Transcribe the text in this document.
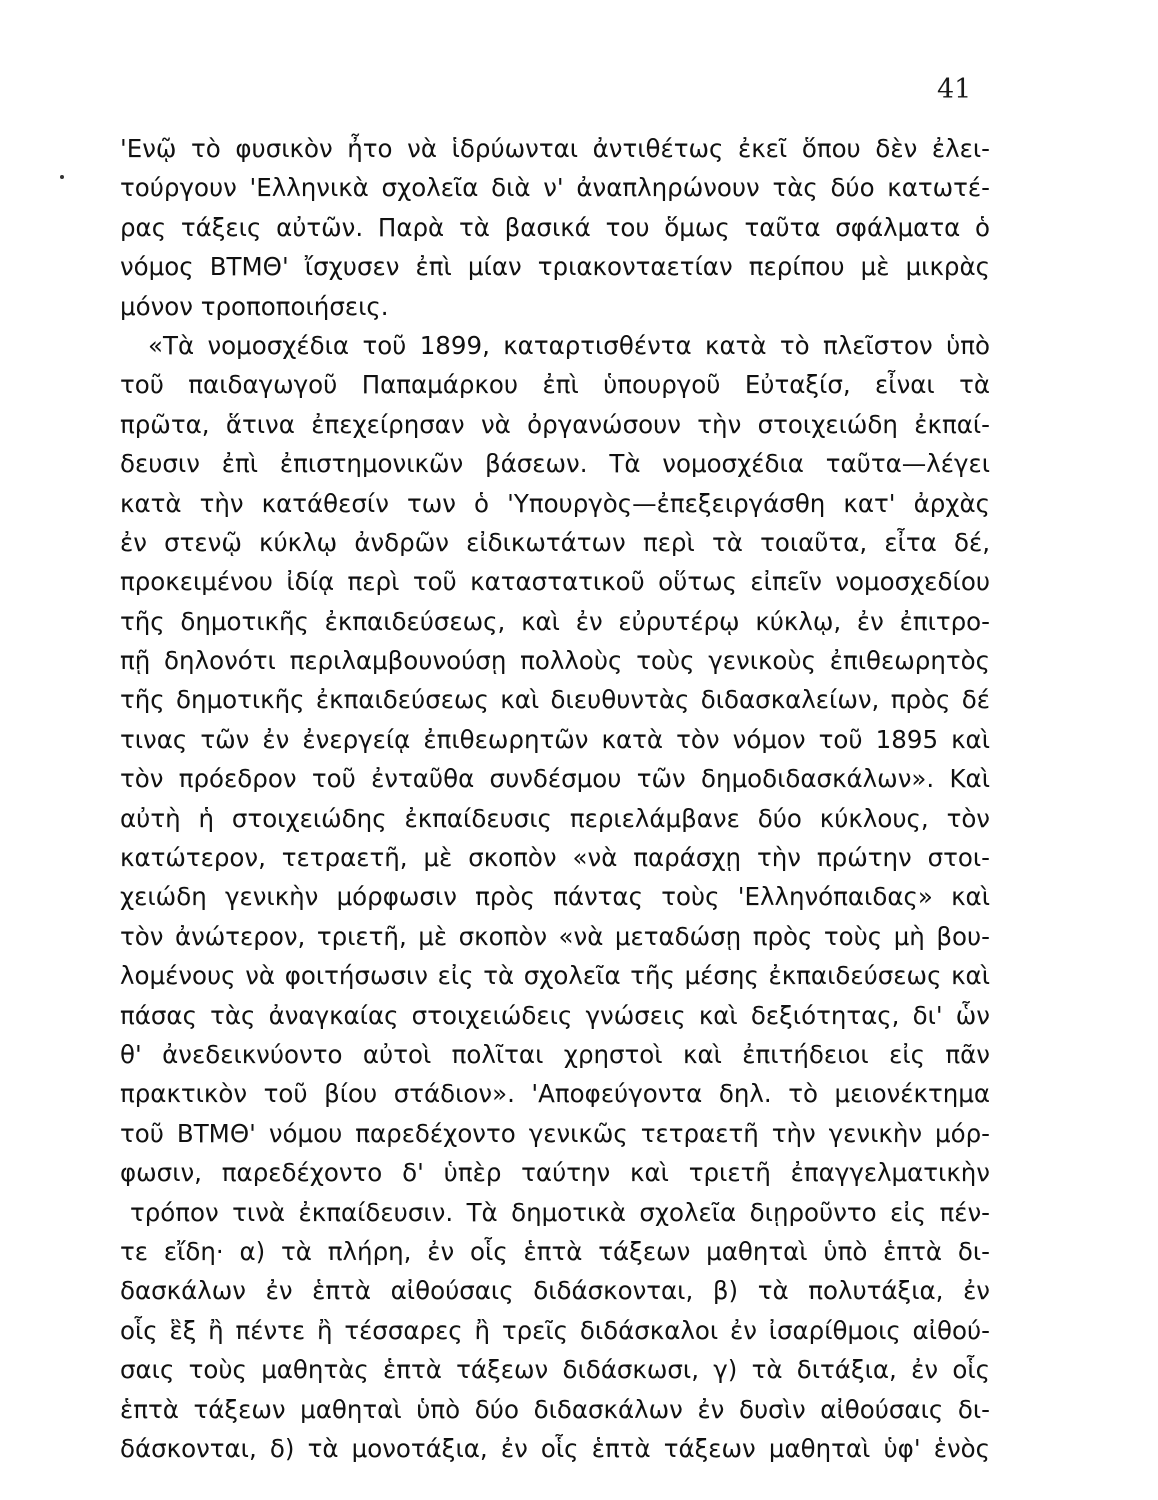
41
'Ενῷ τὸ φυσικὸν ἦτο νὰ ἱδρύωνται ἀντιθέτως ἐκεῖ ὅπου δὲν ἐλει-
τούργουν 'Ελληνικὰ σχολεῖα διὰ ν' ἀναπληρώνουν τὰς δύο κατωτέ-
ρας τάξεις αὐτῶν. Παρὰ τὰ βασικά του ὅμως ταῦτα σφάλματα ὁ
νόμος ΒΤΜΘ' ἴσχυσεν ἐπὶ μίαν τριακονταετίαν περίπου μὲ μικρὰς
μόνον τροποποιήσεις.
«Τὰ νομοσχέδια τοῦ 1899, καταρτισθέντα κατὰ τὸ πλεῖστον ὑπὸ
τοῦ παιδαγωγοῦ Παπαμάρκου ἐπὶ ὑπουργοῦ Εὐταξίσ, εἶναι τὰ
πρῶτα, ἅτινα ἐπεχείρησαν νὰ ὀργανώσουν τὴν στοιχειώδη ἐκπαί-
δευσιν ἐπὶ ἐπιστημονικῶν βάσεων. Τὰ νομοσχέδια ταῦτα—λέγει
κατὰ τὴν κατάθεσίν των ὁ 'Υπουργὸς—ἐπεξειργάσθη κατ' ἀρχὰς
ἐν στενῷ κύκλῳ ἀνδρῶν εἰδικωτάτων περὶ τὰ τοιαῦτα, εἶτα δέ,
προκειμένου ἰδίᾳ περὶ τοῦ καταστατικοῦ οὕτως εἰπεῖν νομοσχεδίου
τῆς δημοτικῆς ἐκπαιδεύσεως, καὶ ἐν εὐρυτέρῳ κύκλῳ, ἐν ἐπιτρο-
πῇ δηλονότι περιλαμβουνούσῃ πολλοὺς τοὺς γενικοὺς ἐπιθεωρητὸς
τῆς δημοτικῆς ἐκπαιδεύσεως καὶ διευθυντὰς διδασκαλείων, πρὸς δέ
τινας τῶν ἐν ἐνεργείᾳ ἐπιθεωρητῶν κατὰ τὸν νόμον τοῦ 1895 καὶ
τὸν πρόεδρον τοῦ ἐνταῦθα συνδέσμου τῶν δημοδιδασκάλων». Καὶ
αὐτὴ ἡ στοιχειώδης ἐκπαίδευσις περιελάμβανε δύο κύκλους, τὸν
κατώτερον, τετραετῆ, μὲ σκοπὸν «νὰ παράσχῃ τὴν πρώτην στοι-
χειώδη γενικὴν μόρφωσιν πρὸς πάντας τοὺς 'Ελληνόπαιδας» καὶ
τὸν ἀνώτερον, τριετῆ, μὲ σκοπὸν «νὰ μεταδώσῃ πρὸς τοὺς μὴ βου-
λομένους νὰ φοιτήσωσιν εἰς τὰ σχολεῖα τῆς μέσης ἐκπαιδεύσεως καὶ
πάσας τὰς ἀναγκαίας στοιχειώδεις γνώσεις καὶ δεξιότητας, δι' ὧν
θ' ἀνεδεικνύοντο αὐτοὶ πολῖται χρηστοὶ καὶ ἐπιτήδειοι εἰς πᾶν
πρακτικὸν τοῦ βίου στάδιον». 'Αποφεύγοντα δηλ. τὸ μειονέκτημα
τοῦ ΒΤΜΘ' νόμου παρεδέχοντο γενικῶς τετραετῆ τὴν γενικὴν μόρ-
φωσιν, παρεδέχοντο δ' ὑπὲρ ταύτην καὶ τριετῆ ἐπαγγελματικὴν
τρόπον τινὰ ἐκπαίδευσιν. Τὰ δημοτικὰ σχολεῖα διῃροῦντο εἰς πέν-
τε εἴδη· α) τὰ πλήρη, ἐν οἷς ἑπτὰ τάξεων μαθηταὶ ὑπὸ ἑπτὰ δι-
δασκάλων ἐν ἑπτὰ αἰθούσαις διδάσκονται, β) τὰ πολυτάξια, ἐν
οἷς ἓξ ἢ πέντε ἢ τέσσαρες ἢ τρεῖς διδάσκαλοι ἐν ἰσαρίθμοις αἰθού-
σαις τοὺς μαθητὰς ἑπτὰ τάξεων διδάσκωσι, γ) τὰ διτάξια, ἐν οἷς
ἑπτὰ τάξεων μαθηταὶ ὑπὸ δύο διδασκάλων ἐν δυσὶν αἰθούσαις δι-
δάσκονται, δ) τὰ μονοτάξια, ἐν οἷς ἑπτὰ τάξεων μαθηταὶ ὑφ' ἑνὸς
